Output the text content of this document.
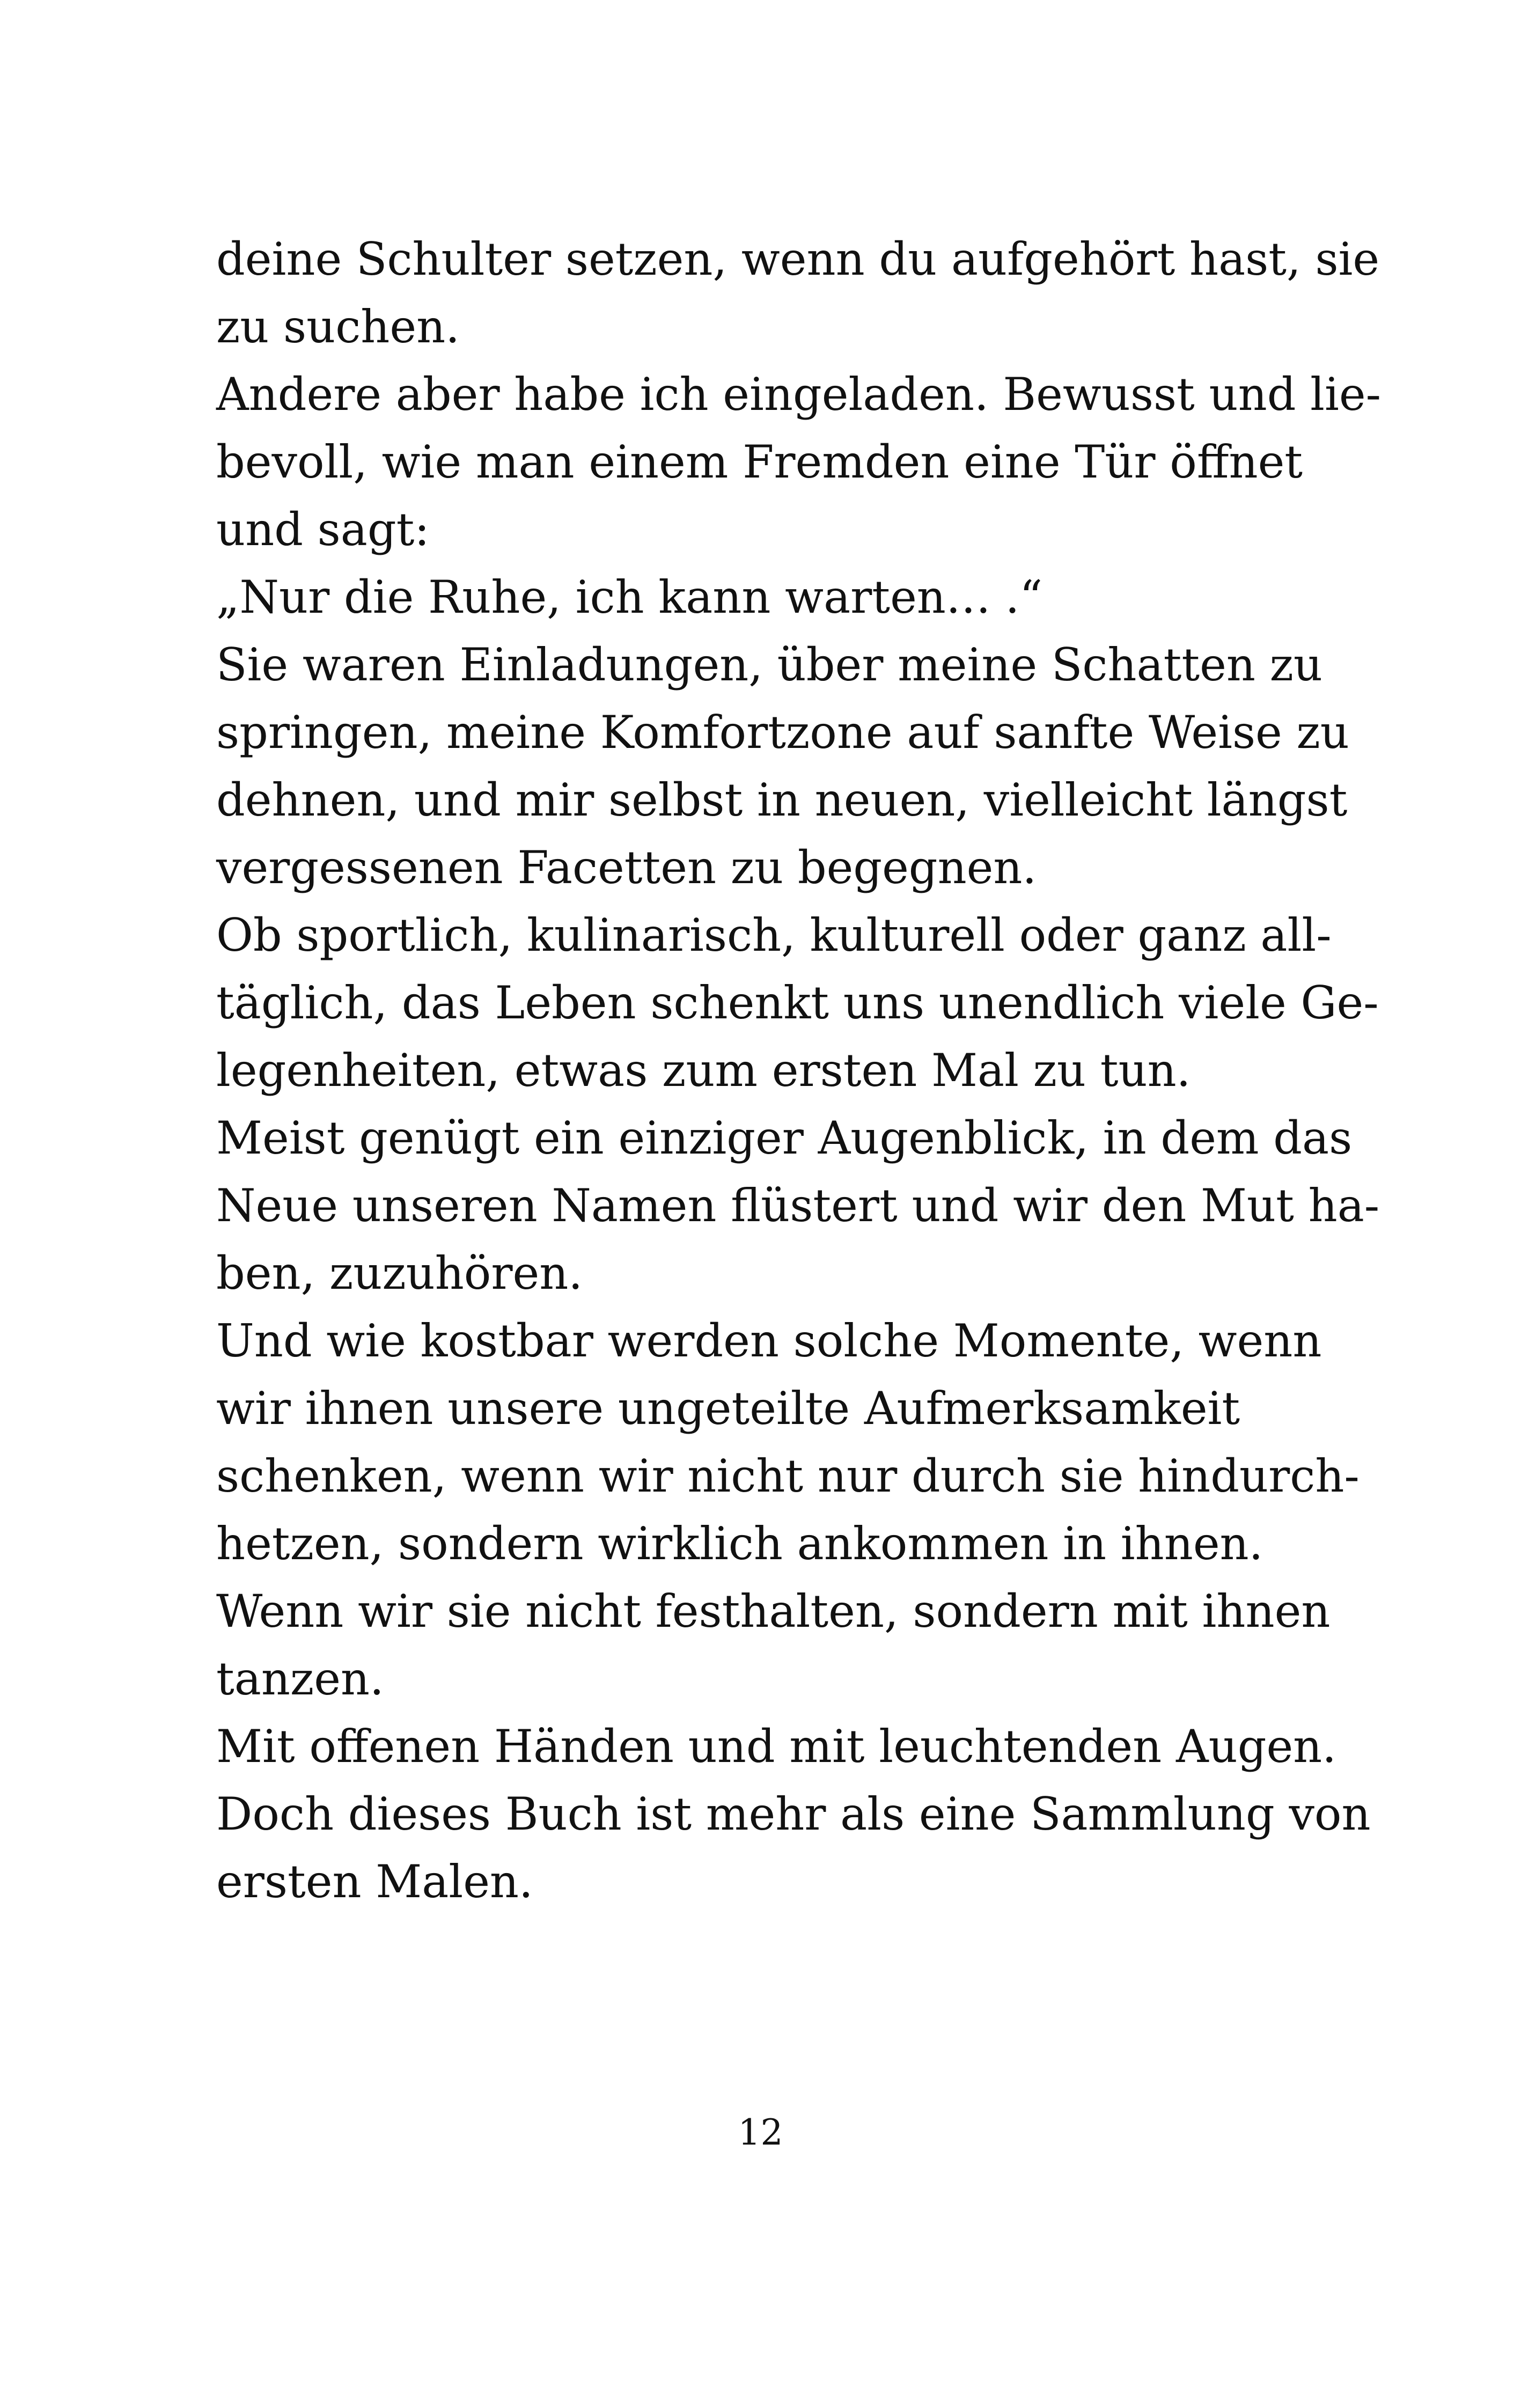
deine Schulter setzen, wenn du aufgehört hast, sie
zu suchen.
Andere aber habe ich eingeladen. Bewusst und lie-
bevoll, wie man einem Fremden eine Tür öffnet
und sagt:
„Nur die Ruhe, ich kann warten… .“
Sie waren Einladungen, über meine Schatten zu
springen, meine Komfortzone auf sanfte Weise zu
dehnen, und mir selbst in neuen, vielleicht längst
vergessenen Facetten zu begegnen.
Ob sportlich, kulinarisch, kulturell oder ganz all-
täglich, das Leben schenkt uns unendlich viele Ge-
legenheiten, etwas zum ersten Mal zu tun.
Meist genügt ein einziger Augenblick, in dem das
Neue unseren Namen flüstert und wir den Mut ha-
ben, zuzuhören.
Und wie kostbar werden solche Momente, wenn
wir ihnen unsere ungeteilte Aufmerksamkeit
schenken, wenn wir nicht nur durch sie hindurch-
hetzen, sondern wirklich ankommen in ihnen.
Wenn wir sie nicht festhalten, sondern mit ihnen
tanzen.
Mit offenen Händen und mit leuchtenden Augen.
Doch dieses Buch ist mehr als eine Sammlung von
ersten Malen.
12
